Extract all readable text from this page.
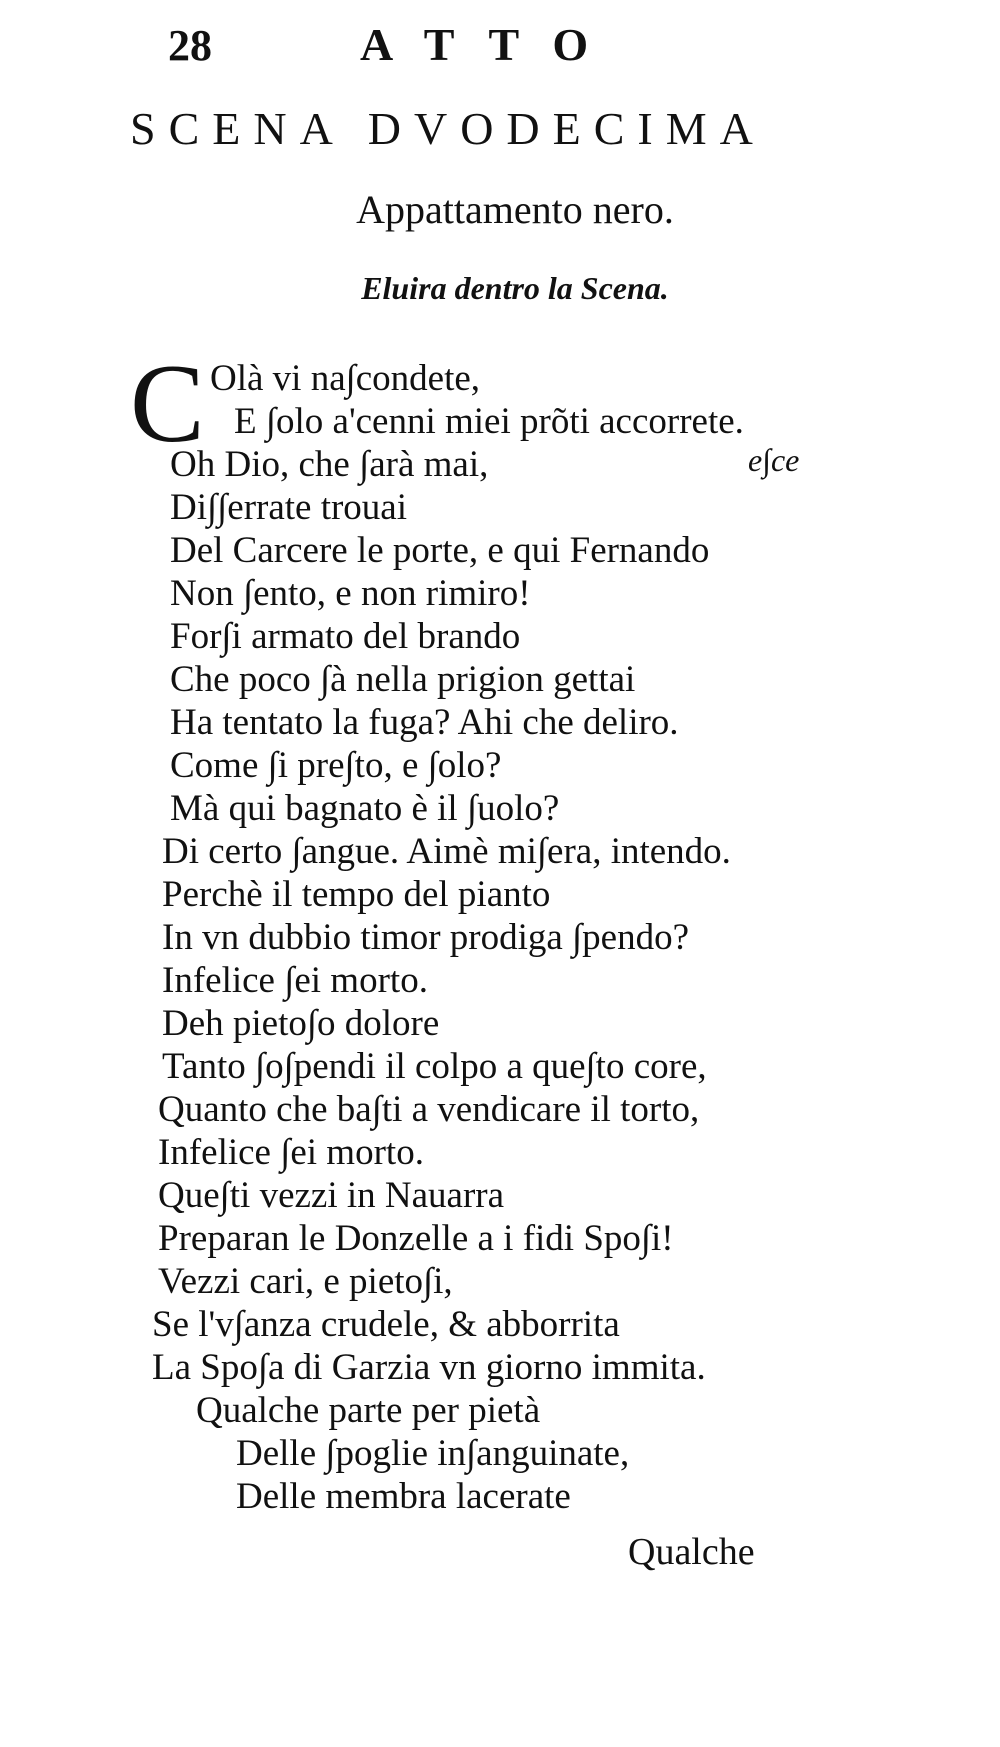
28	ATTO
SCENA DVODECIMA
Appattamento nero.
Eluira dentro la Scena.
C Olà vi na∫condete,
E ∫olo a'cenni miei prõti accorrete.
Oh Dio, che ∫arà mai,	e∫ce
Di∫∫errate trouai
Del Carcere le porte, e qui Fernando
Non ∫ento, e non rimiro!
For∫i armato del brando
Che poco ∫à nella prigion gettai
Ha tentato la fuga? Ahi che deliro.
Come ∫i pre∫to, e ∫olo?
Mà qui bagnato è il ∫uolo?
Di certo ∫angue. Aimè mi∫era, intendo.
Perchè il tempo del pianto
In vn dubbio timor prodiga ∫pendo?
Infelice ∫ei morto.
Deh pieto∫o dolore
Tanto ∫o∫pendi il colpo a que∫to core,
Quanto che ba∫ti a vendicare il torto,
Infelice ∫ei morto.
Que∫ti vezzi in Nauarra
Preparan le Donzelle a i fidi Spo∫i!
Vezzi cari, e pieto∫i,
Se l'v∫anza crudele, & abborrita
La Spo∫a di Garzia vn giorno immita.
Qualche parte per pietà
Delle ∫poglie in∫anguinate,
Delle membra lacerate
Qualche
